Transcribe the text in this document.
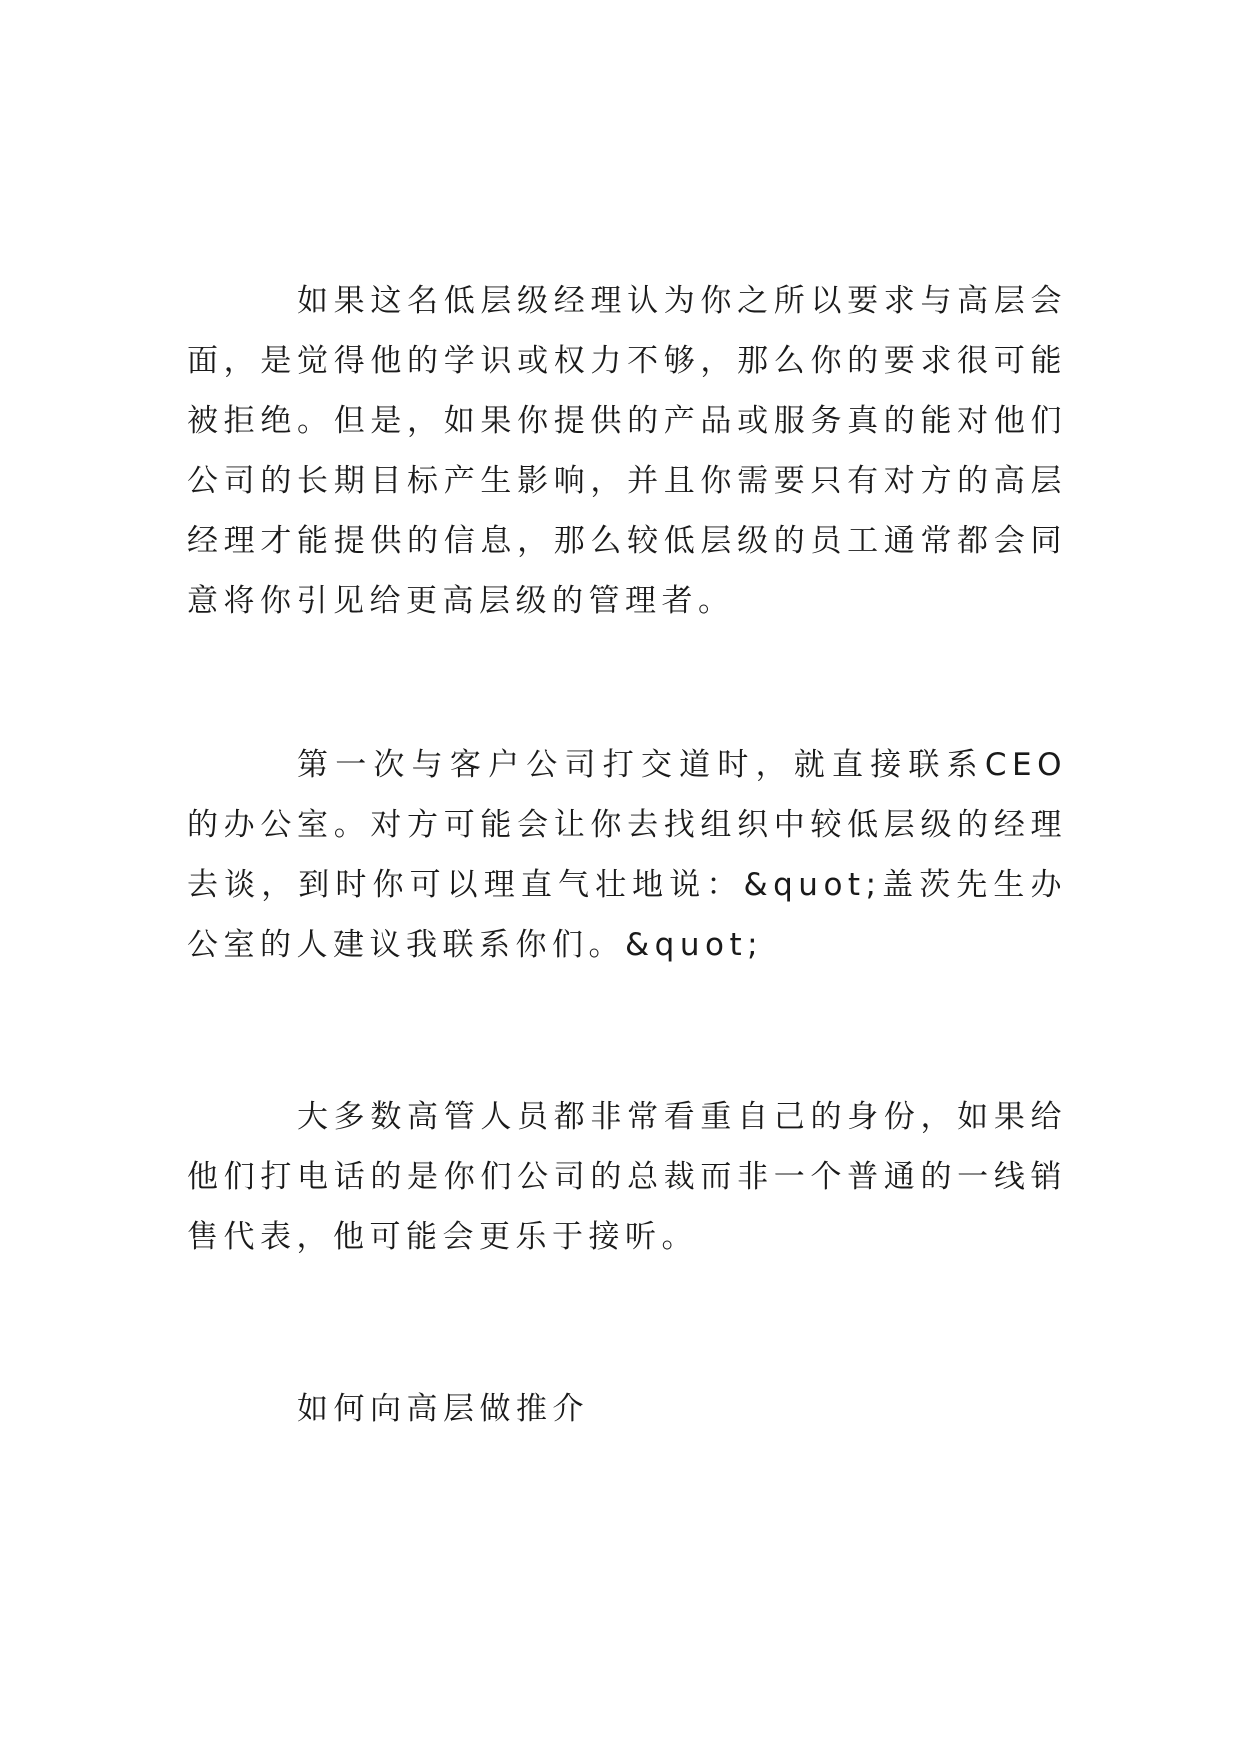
如果这名低层级经理认为你之所以要求与高层会面，是觉得他的学识或权力不够，那么你的要求很可能被拒绝。但是，如果你提供的产品或服务真的能对他们公司的长期目标产生影响，并且你需要只有对方的高层经理才能提供的信息，那么较低层级的员工通常都会同意将你引见给更高层级的管理者。

第一次与客户公司打交道时，就直接联系CEO的办公室。对方可能会让你去找组织中较低层级的经理去谈，到时你可以理直气壮地说：&quot;盖茨先生办公室的人建议我联系你们。&quot;

大多数高管人员都非常看重自己的身份，如果给他们打电话的是你们公司的总裁而非一个普通的一线销售代表，他可能会更乐于接听。

如何向高层做推介
